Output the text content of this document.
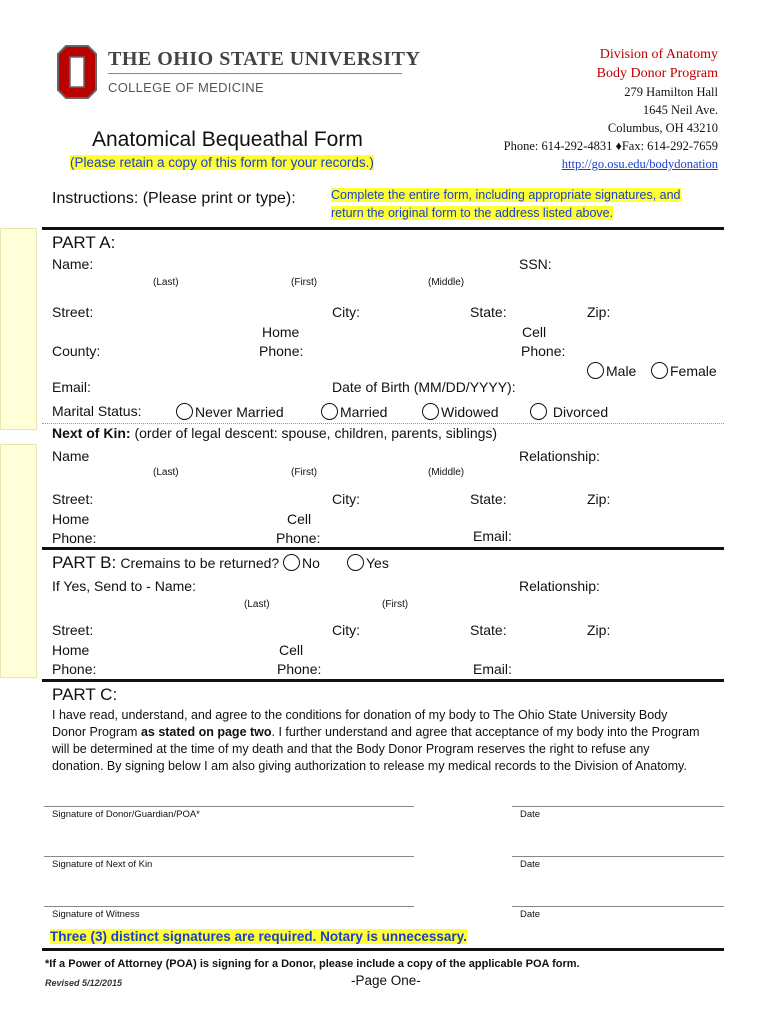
THE OHIO STATE UNIVERSITY
COLLEGE OF MEDICINE
Division of Anatomy
Body Donor Program
279 Hamilton Hall
1645 Neil Ave.
Columbus, OH 43210
Phone: 614-292-4831 ♦Fax: 614-292-7659
http://go.osu.edu/bodydonation
Anatomical Bequeathal Form
(Please retain a copy of this form for your records.)
Instructions: (Please print or type):	Complete the entire form, including appropriate signatures, and
return the original form to the address listed above.
PART A:
Name:	SSN:
(Last)	(First)	(Middle)
Street:	City:	State:	Zip:
Home	Cell
County:	Phone:	Phone:
Male	Female
Email:	Date of Birth (MM/DD/YYYY):
Marital Status:	Never Married	Married	Widowed	Divorced
Next of Kin: (order of legal descent: spouse, children, parents, siblings)
Name	Relationship:
(Last)	(First)	(Middle)
Street:	City:	State:	Zip:
Home	Cell
Phone:	Phone:	Email:
PART B: Cremains to be returned?	No	Yes
If Yes, Send to - Name:	Relationship:
(Last)	(First)
Street:	City:	State:	Zip:
Home	Cell
Phone:	Phone:	Email:
PART C:
I have read, understand, and agree to the conditions for donation of my body to The Ohio State University Body
Donor Program as stated on page two. I further understand and agree that acceptance of my body into the Program
will be determined at the time of my death and that the Body Donor Program reserves the right to refuse any
donation. By signing below I am also giving authorization to release my medical records to the Division of Anatomy.
Signature of Donor/Guardian/POA*	Date
Signature of Next of Kin	Date
Signature of Witness	Date
Three (3) distinct signatures are required. Notary is unnecessary.
*If a Power of Attorney (POA) is signing for a Donor, please include a copy of the applicable POA form.
Revised 5/12/2015	-Page One-
